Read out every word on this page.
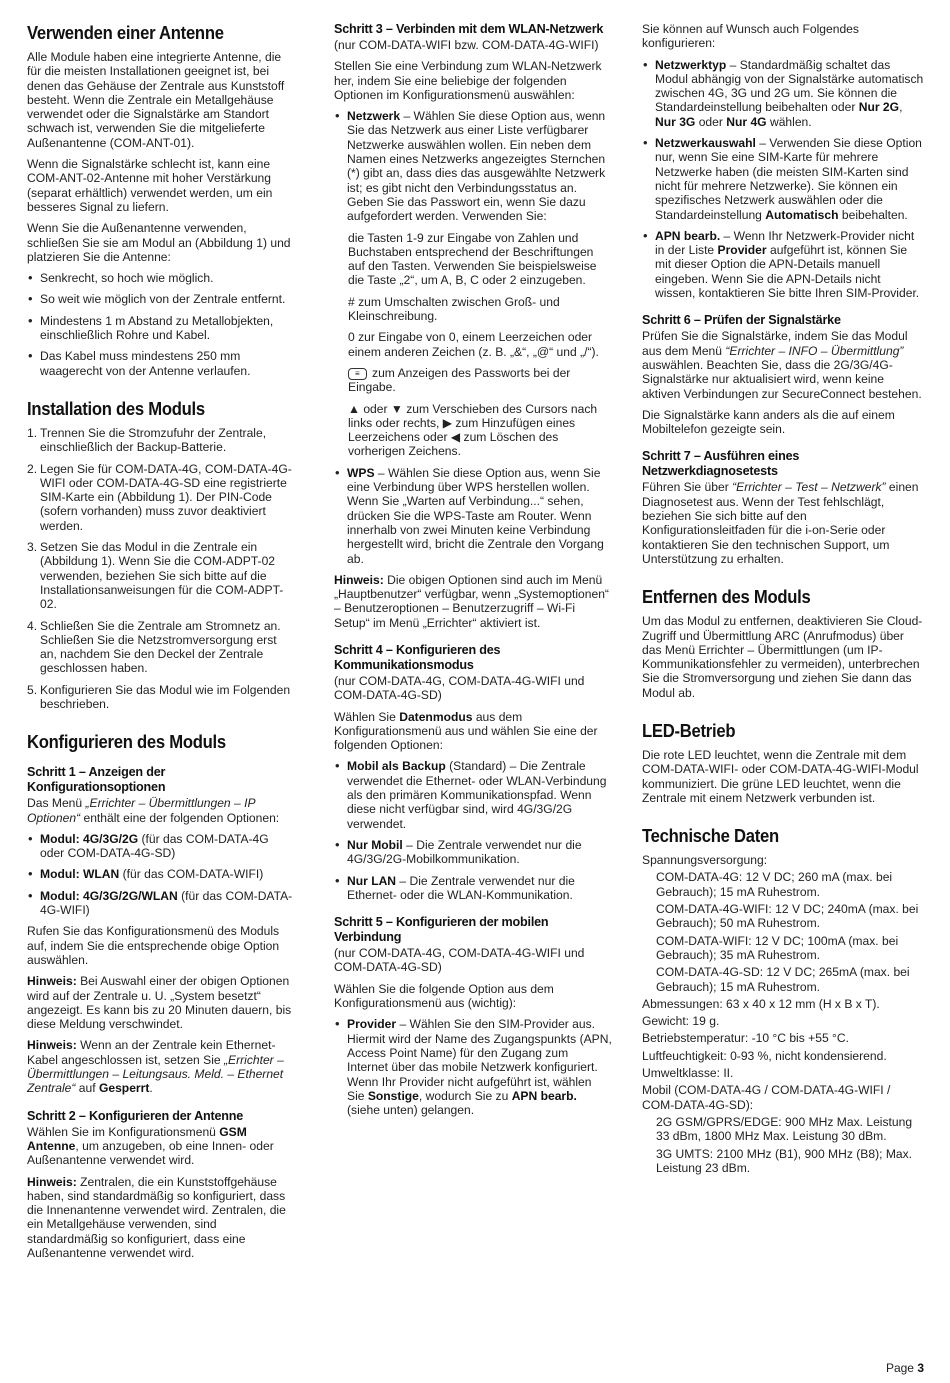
Verwenden einer Antenne

Alle Module haben eine integrierte Antenne, die für die meisten Installationen geeignet ist, bei denen das Gehäuse der Zentrale aus Kunststoff besteht. Wenn die Zentrale ein Metallgehäuse verwendet oder die Signalstärke am Standort schwach ist, verwenden Sie die mitgelieferte Außenantenne (COM-ANT-01).

Wenn die Signalstärke schlecht ist, kann eine COM-ANT-02-Antenne mit hoher Verstärkung (separat erhältlich) verwendet werden, um ein besseres Signal zu liefern.

Wenn Sie die Außenantenne verwenden, schließen Sie sie am Modul an (Abbildung 1) und platzieren Sie die Antenne:

• Senkrecht, so hoch wie möglich.
• So weit wie möglich von der Zentrale entfernt.
• Mindestens 1 m Abstand zu Metallobjekten, einschließlich Rohre und Kabel.
• Das Kabel muss mindestens 250 mm waagerecht von der Antenne verlaufen.
Installation des Moduls
1. Trennen Sie die Stromzufuhr der Zentrale, einschließlich der Backup-Batterie.
2. Legen Sie für COM-DATA-4G, COM-DATA-4G-WIFI oder COM-DATA-4G-SD eine registrierte SIM-Karte ein (Abbildung 1). Der PIN-Code (sofern vorhanden) muss zuvor deaktiviert werden.
3. Setzen Sie das Modul in die Zentrale ein (Abbildung 1). Wenn Sie die COM-ADPT-02 verwenden, beziehen Sie sich bitte auf die Installationsanweisungen für die COM-ADPT-02.
4. Schließen Sie die Zentrale am Stromnetz an. Schließen Sie die Netzstromversorgung erst an, nachdem Sie den Deckel der Zentrale geschlossen haben.
5. Konfigurieren Sie das Modul wie im Folgenden beschrieben.
Konfigurieren des Moduls
Schritt 1 – Anzeigen der Konfigurationsoptionen

Das Menü „Errichter – Übermittlungen – IP Optionen“ enthält eine der folgenden Optionen:

• Modul: 4G/3G/2G (für das COM-DATA-4G oder COM-DATA-4G-SD)
• Modul: WLAN (für das COM-DATA-WIFI)
• Modul: 4G/3G/2G/WLAN (für das COM-DATA-4G-WIFI)

Rufen Sie das Konfigurationsmenü des Moduls auf, indem Sie die entsprechende obige Option auswählen.

Hinweis: Bei Auswahl einer der obigen Optionen wird auf der Zentrale u. U. „System besetzt“ angezeigt. Es kann bis zu 20 Minuten dauern, bis diese Meldung verschwindet.

Hinweis: Wenn an der Zentrale kein Ethernet-Kabel angeschlossen ist, setzen Sie „Errichter – Übermittlungen – Leitungsaus. Meld. – Ethernet Zentrale“ auf Gesperrt.

Schritt 2 – Konfigurieren der Antenne

Wählen Sie im Konfigurationsmenü GSM Antenne, um anzugeben, ob eine Innen- oder Außenantenne verwendet wird.

Hinweis: Zentralen, die ein Kunststoffgehäuse haben, sind standardmäßig so konfiguriert, dass die Innenantenne verwendet wird. Zentralen, die ein Metallgehäuse verwenden, sind standardmäßig so konfiguriert, dass eine Außenantenne verwendet wird.

Schritt 3 – Verbinden mit dem WLAN-Netzwerk

(nur COM-DATA-WIFI bzw. COM-DATA-4G-WIFI)

Stellen Sie eine Verbindung zum WLAN-Netzwerk her, indem Sie eine beliebige der folgenden Optionen im Konfigurationsmenü auswählen:

• Netzwerk – Wählen Sie diese Option aus, wenn Sie das Netzwerk aus einer Liste verfügbarer Netzwerke auswählen wollen. Ein neben dem Namen eines Netzwerks angezeigtes Sternchen (*) gibt an, dass dies das ausgewählte Netzwerk ist; es gibt nicht den Verbindungsstatus an. Geben Sie das Passwort ein, wenn Sie dazu aufgefordert werden. Verwenden Sie:

die Tasten 1-9 zur Eingabe von Zahlen und Buchstaben entsprechend der Beschriftungen auf den Tasten. Verwenden Sie beispielsweise die Taste „2“, um A, B, C oder 2 einzugeben.

# zum Umschalten zwischen Groß- und Kleinschreibung.

0 zur Eingabe von 0, einem Leerzeichen oder einem anderen Zeichen (z. B. „&“, „@“ und „/“).

≡ zum Anzeigen des Passworts bei der Eingabe.

▲ oder ▼ zum Verschieben des Cursors nach links oder rechts, ▶ zum Hinzufügen eines Leerzeichens oder ◀ zum Löschen des vorherigen Zeichens.

• WPS – Wählen Sie diese Option aus, wenn Sie eine Verbindung über WPS herstellen wollen. Wenn Sie „Warten auf Verbindung...“ sehen, drücken Sie die WPS-Taste am Router. Wenn innerhalb von zwei Minuten keine Verbindung hergestellt wird, bricht die Zentrale den Vorgang ab.

Hinweis: Die obigen Optionen sind auch im Menü „Hauptbenutzer“ verfügbar, wenn „Systemoptionen“ – Benutzeroptionen – Benutzerzugriff – Wi-Fi Setup“ im Menü „Errichter“ aktiviert ist.

Schritt 4 – Konfigurieren des Kommunikationsmodus

(nur COM-DATA-4G, COM-DATA-4G-WIFI und COM-DATA-4G-SD)

Wählen Sie Datenmodus aus dem Konfigurationsmenü aus und wählen Sie eine der folgenden Optionen:

• Mobil als Backup (Standard) – Die Zentrale verwendet die Ethernet- oder WLAN-Verbindung als den primären Kommunikationspfad. Wenn diese nicht verfügbar sind, wird 4G/3G/2G verwendet.
• Nur Mobil – Die Zentrale verwendet nur die 4G/3G/2G-Mobilkommunikation.
• Nur LAN – Die Zentrale verwendet nur die Ethernet- oder die WLAN-Kommunikation.
Schritt 5 – Konfigurieren der mobilen Verbindung

(nur COM-DATA-4G, COM-DATA-4G-WIFI und COM-DATA-4G-SD)

Wählen Sie die folgende Option aus dem Konfigurationsmenü aus (wichtig):

• Provider – Wählen Sie den SIM-Provider aus. Hiermit wird der Name des Zugangspunkts (APN, Access Point Name) für den Zugang zum Internet über das mobile Netzwerk konfiguriert. Wenn Ihr Provider nicht aufgeführt ist, wählen Sie Sonstige, wodurch Sie zu APN bearb. (siehe unten) gelangen.

Sie können auf Wunsch auch Folgendes konfigurieren:

• Netzwerktyp – Standardmäßig schaltet das Modul abhängig von der Signalstärke automatisch zwischen 4G, 3G und 2G um. Sie können die Standardeinstellung beibehalten oder Nur 2G, Nur 3G oder Nur 4G wählen.
• Netzwerkauswahl – Verwenden Sie diese Option nur, wenn Sie eine SIM-Karte für mehrere Netzwerke haben (die meisten SIM-Karten sind nicht für mehrere Netzwerke). Sie können ein spezifisches Netzwerk auswählen oder die Standardeinstellung Automatisch beibehalten.
• APN bearb. – Wenn Ihr Netzwerk-Provider nicht in der Liste Provider aufgeführt ist, können Sie mit dieser Option die APN-Details manuell eingeben. Wenn Sie die APN-Details nicht wissen, kontaktieren Sie bitte Ihren SIM-Provider.
Schritt 6 – Prüfen der Signalstärke

Prüfen Sie die Signalstärke, indem Sie das Modul aus dem Menü “Errichter – INFO – Übermittlung” auswählen. Beachten Sie, dass die 2G/3G/4G-Signalstärke nur aktualisiert wird, wenn keine aktiven Verbindungen zur SecureConnect bestehen.

Die Signalstärke kann anders als die auf einem Mobiltelefon gezeigte sein.

Schritt 7 – Ausführen eines Netzwerkdiagnosetests

Führen Sie über “Errichter – Test – Netzwerk” einen Diagnosetest aus. Wenn der Test fehlschlägt, beziehen Sie sich bitte auf den Konfigurationsleitfaden für die i-on-Serie oder kontaktieren Sie den technischen Support, um Unterstützung zu erhalten.

Entfernen des Moduls

Um das Modul zu entfernen, deaktivieren Sie Cloud-Zugriff und Übermittlung ARC (Anrufmodus) über das Menü Errichter – Übermittlungen (um IP-Kommunikationsfehler zu vermeiden), unterbrechen Sie die Stromversorgung und ziehen Sie dann das Modul ab.

LED-Betrieb

Die rote LED leuchtet, wenn die Zentrale mit dem COM-DATA-WIFI- oder COM-DATA-4G-WIFI-Modul kommuniziert. Die grüne LED leuchtet, wenn die Zentrale mit einem Netzwerk verbunden ist.

Technische Daten

Spannungsversorgung:

COM-DATA-4G: 12 V DC; 260 mA (max. bei Gebrauch); 15 mA Ruhestrom.

COM-DATA-4G-WIFI: 12 V DC; 240mA (max. bei Gebrauch); 50 mA Ruhestrom.

COM-DATA-WIFI: 12 V DC; 100mA (max. bei Gebrauch); 35 mA Ruhestrom.

COM-DATA-4G-SD: 12 V DC; 265mA (max. bei Gebrauch); 15 mA Ruhestrom.

Abmessungen: 63 x 40 x 12 mm (H x B x T).

Gewicht: 19 g.

Betriebstemperatur: -10 °C bis +55 °C.

Luftfeuchtigkeit: 0-93 %, nicht kondensierend.

Umweltklasse: II.

Mobil (COM-DATA-4G / COM-DATA-4G-WIFI / COM-DATA-4G-SD):

2G GSM/GPRS/EDGE: 900 MHz Max. Leistung 33 dBm, 1800 MHz Max. Leistung 30 dBm.

3G UMTS: 2100 MHz (B1), 900 MHz (B8); Max. Leistung 23 dBm.

Page 3
